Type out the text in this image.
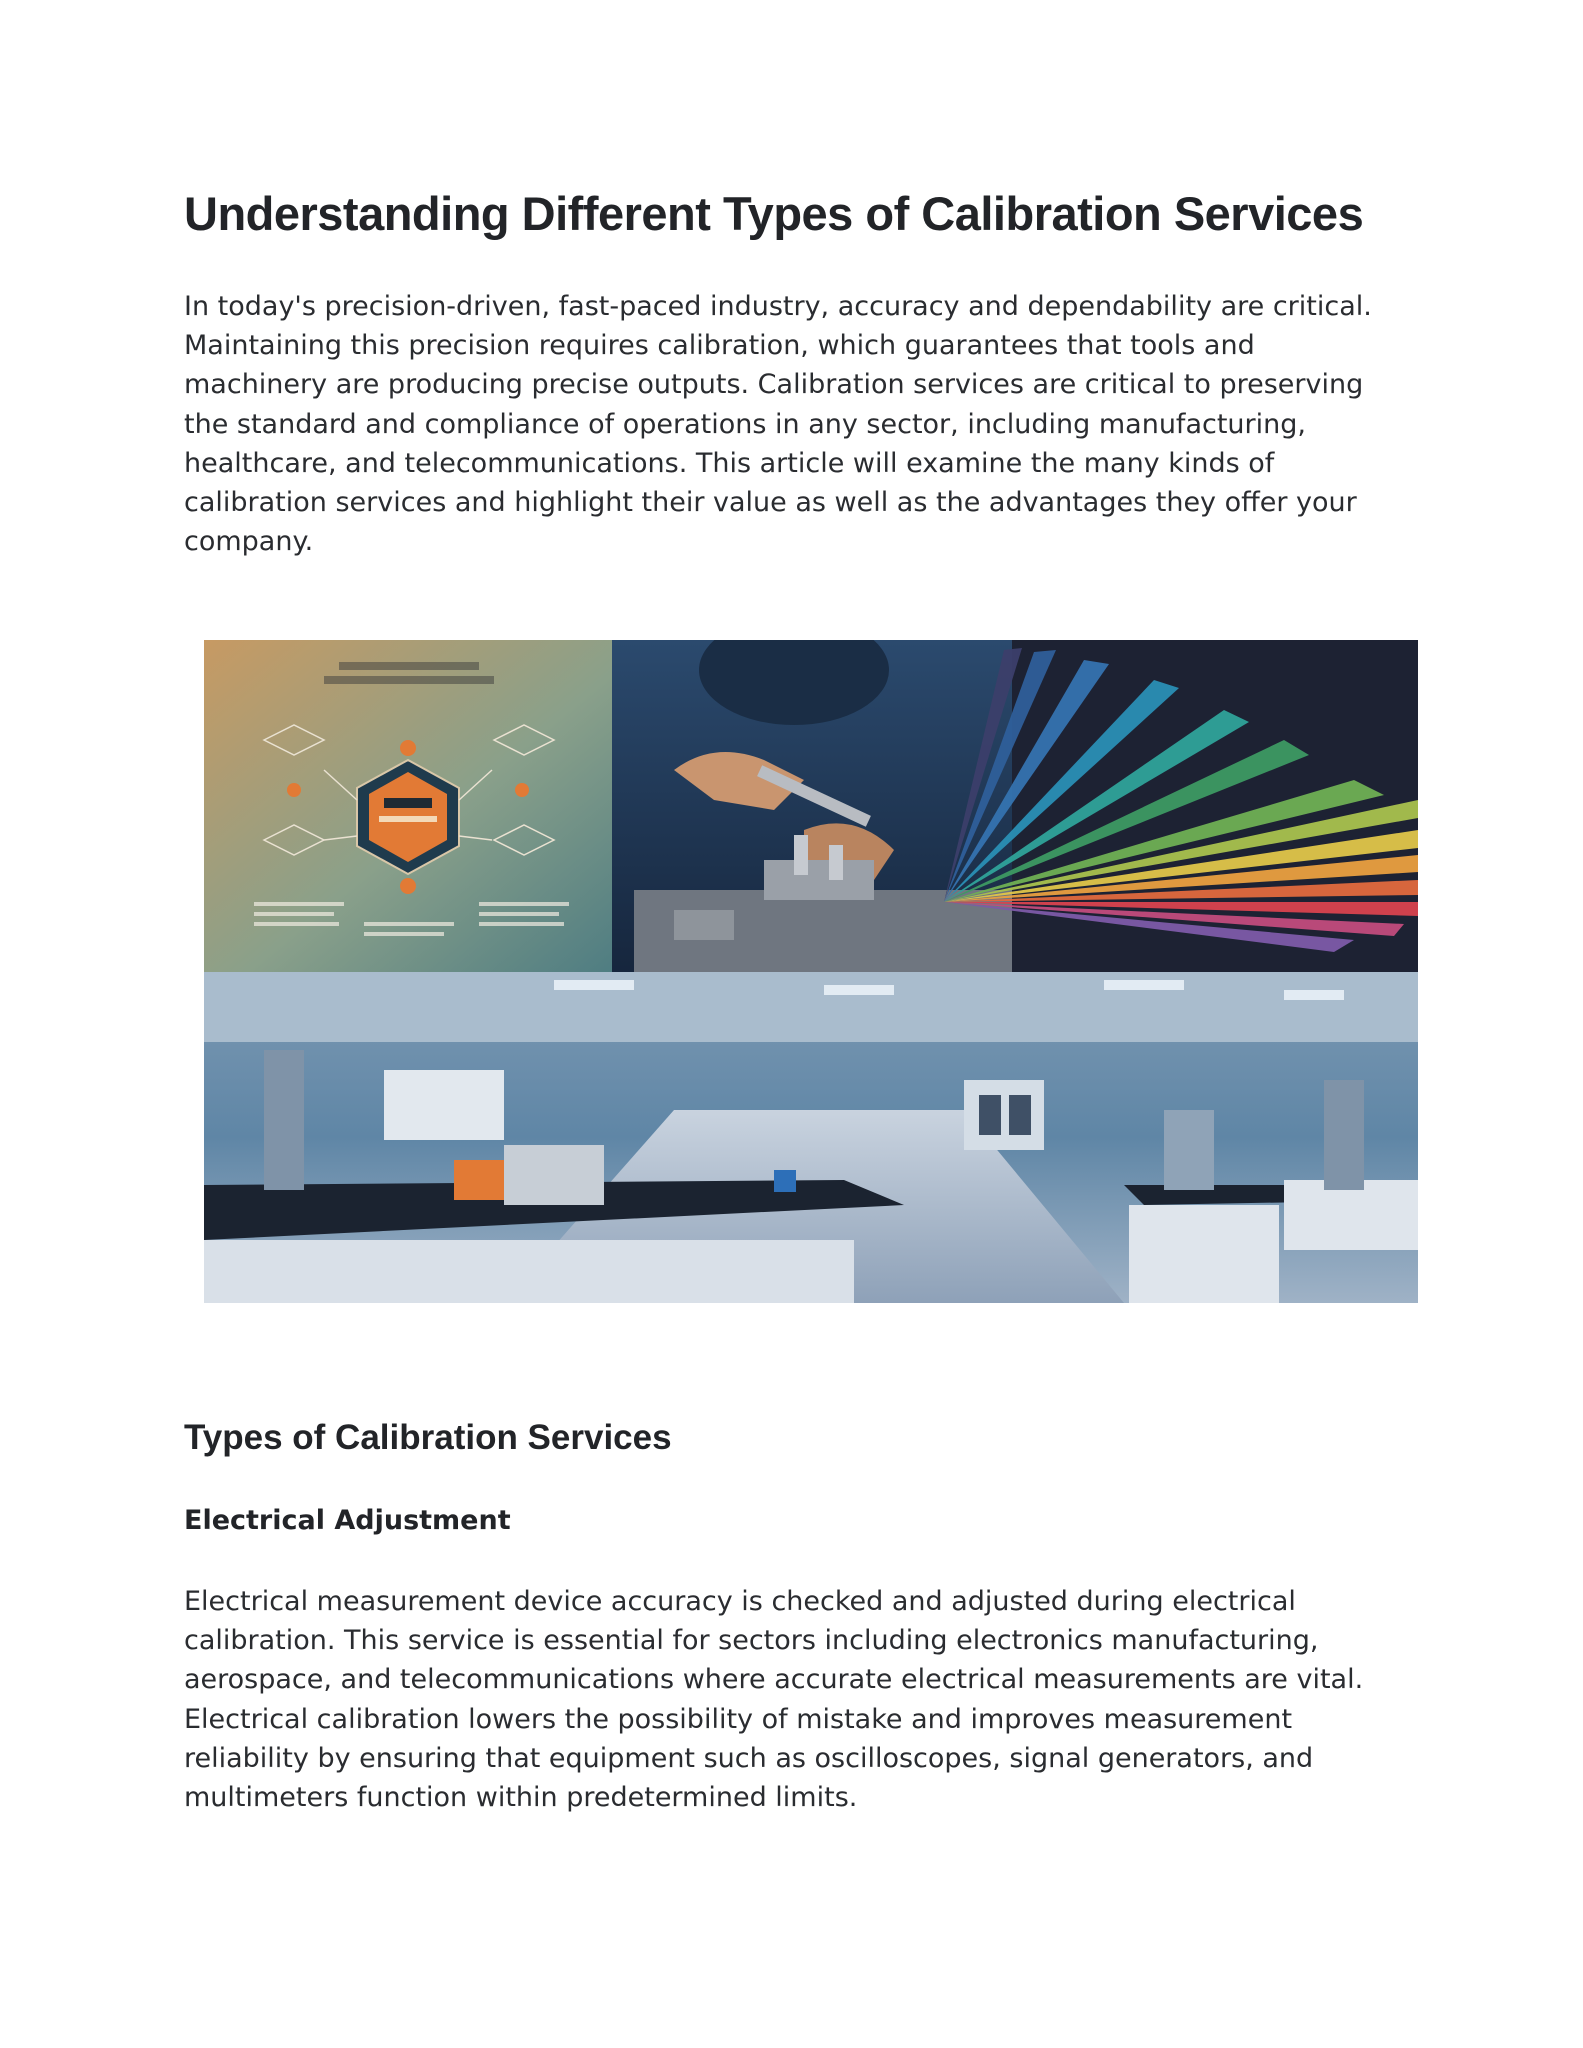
Understanding Different Types of Calibration Services

In today's precision-driven, fast-paced industry, accuracy and dependability are critical. Maintaining this precision requires calibration, which guarantees that tools and machinery are producing precise outputs. Calibration services are critical to preserving the standard and compliance of operations in any sector, including manufacturing, healthcare, and telecommunications. This article will examine the many kinds of calibration services and highlight their value as well as the advantages they offer your company.

Types of Calibration Services
Electrical Adjustment

Electrical measurement device accuracy is checked and adjusted during electrical calibration. This service is essential for sectors including electronics manufacturing, aerospace, and telecommunications where accurate electrical measurements are vital. Electrical calibration lowers the possibility of mistake and improves measurement reliability by ensuring that equipment such as oscilloscopes, signal generators, and multimeters function within predetermined limits.
